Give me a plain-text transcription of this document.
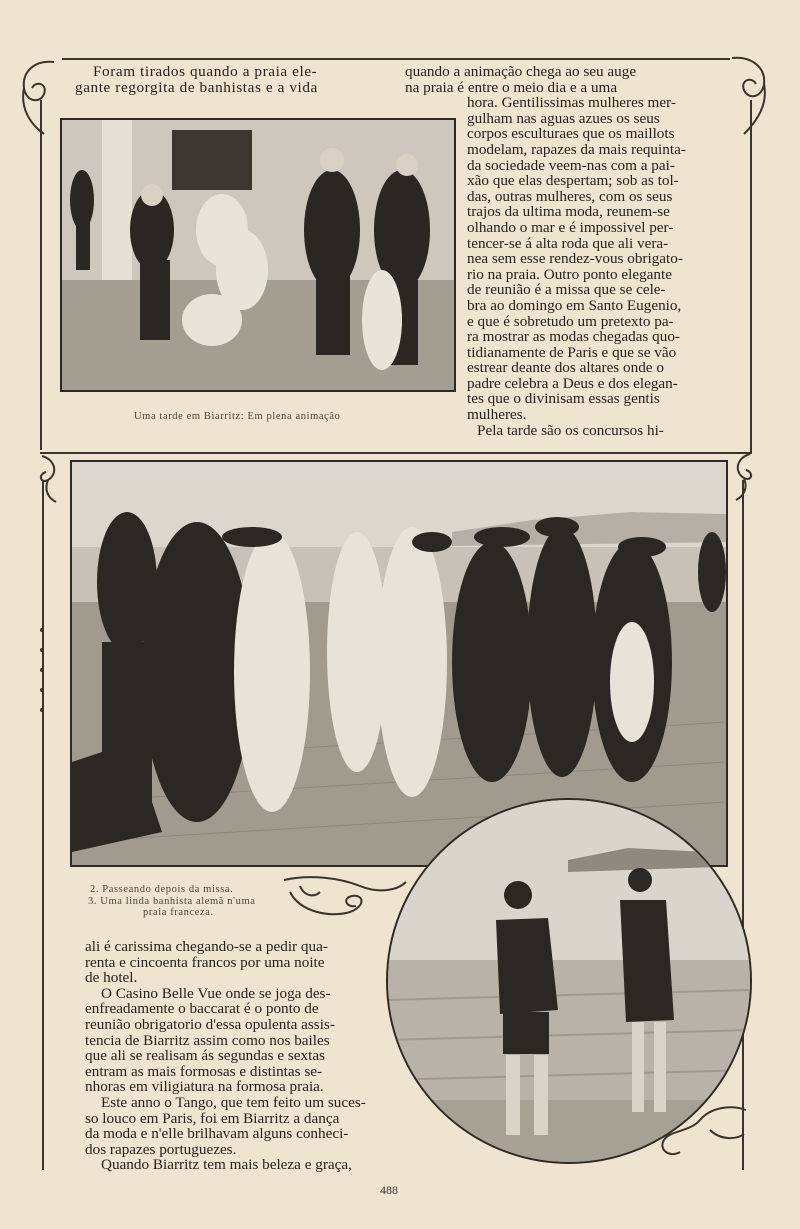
Foram tirados quando a praia ele-
gante regorgita de banhistas e a vida
quando a animação chega ao seu auge
na praia é entre o meio dia e a uma
hora. Gentilissimas mulheres mer-
gulham nas aguas azues os seus
corpos esculturaes que os maillots
modelam, rapazes da mais requinta-
da sociedade veem-nas com a pai-
xão que elas despertam; sob as tol-
das, outras mulheres, com os seus
trajos da ultima moda, reunem-se
olhando o mar e é impossivel per-
tencer-se á alta roda que ali vera-
nea sem esse rendez-vous obrigato-
rio na praia. Outro ponto elegante
de reunião é a missa que se cele-
bra ao domingo em Santo Eugenio,
e que é sobretudo um pretexto pa-
ra mostrar as modas chegadas quo-
tidianamente de Paris e que se vão
estrear deante dos altares onde o
padre celebra a Deus e dos elegan-
tes que o divinisam essas gentis
mulheres.
Pela tarde são os concursos hi-
Uma tarde em Biarritz: Em plena animação
2. Passeando depois da missa.
3. Uma linda banhista alemã n'uma
praia franceza.
ali é carissima chegando-se a pedir qua-
renta e cincoenta francos por uma noite
de hotel.
O Casino Belle Vue onde se joga des-
enfreadamente o baccarat é o ponto de
reunião obrigatorio d'essa opulenta assis-
tencia de Biarritz assim como nos bailes
que ali se realisam ás segundas e sextas
entram as mais formosas e distintas se-
nhoras em viligiatura na formosa praia.
Este anno o Tango, que tem feito um suces-
so louco em Paris, foi em Biarritz a dança
da moda e n'elle brilhavam alguns conheci-
dos rapazes portuguezes.
Quando Biarritz tem mais beleza e graça,
488
